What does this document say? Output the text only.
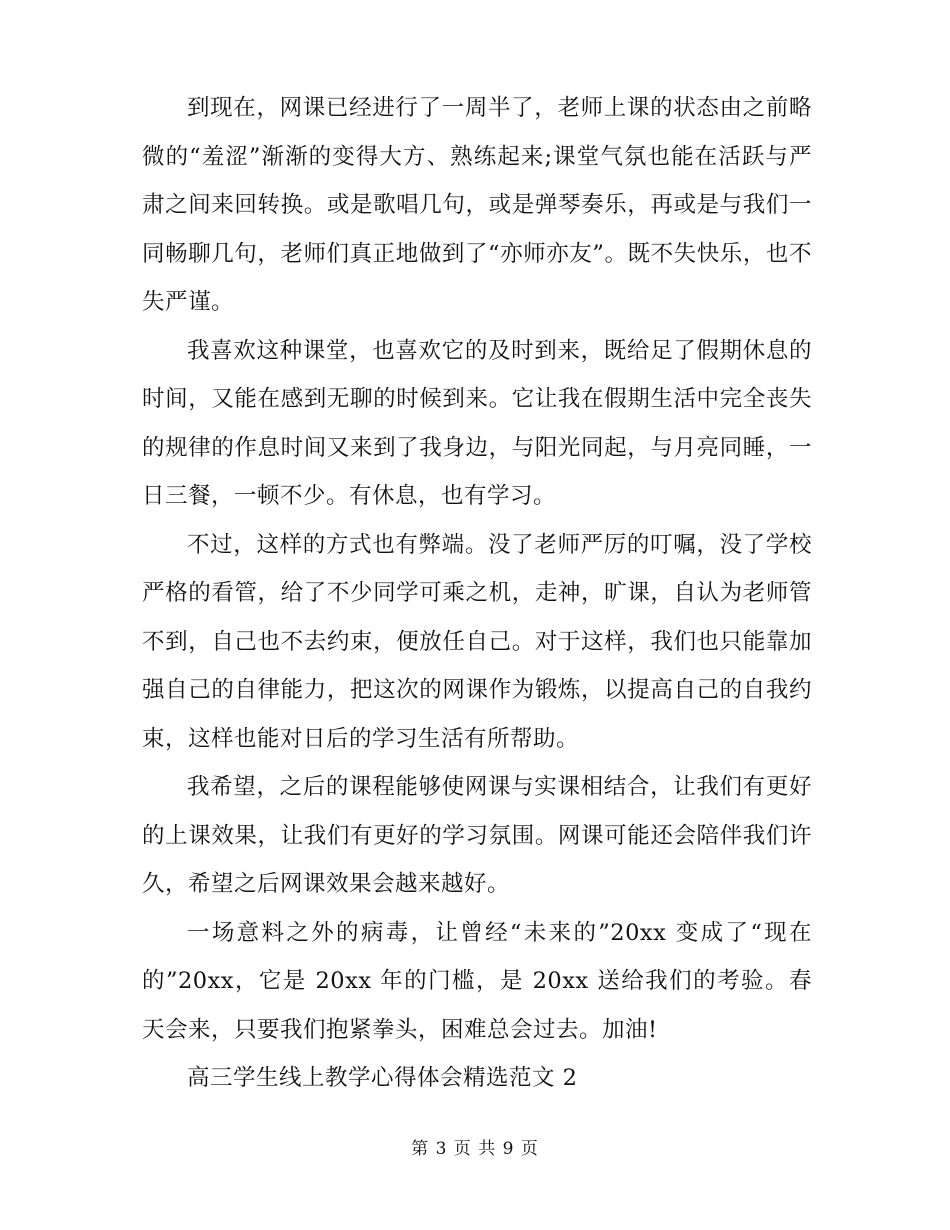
到现在，网课已经进行了一周半了，老师上课的状态由之前略微的“羞涩”渐渐的变得大方、熟练起来;课堂气氛也能在活跃与严肃之间来回转换。或是歌唱几句，或是弹琴奏乐，再或是与我们一同畅聊几句，老师们真正地做到了“亦师亦友”。既不失快乐，也不失严谨。

我喜欢这种课堂，也喜欢它的及时到来，既给足了假期休息的时间，又能在感到无聊的时候到来。它让我在假期生活中完全丧失的规律的作息时间又来到了我身边，与阳光同起，与月亮同睡，一日三餐，一顿不少。有休息，也有学习。

不过，这样的方式也有弊端。没了老师严厉的叮嘱，没了学校严格的看管，给了不少同学可乘之机，走神，旷课，自认为老师管不到，自己也不去约束，便放任自己。对于这样，我们也只能靠加强自己的自律能力，把这次的网课作为锻炼，以提高自己的自我约束，这样也能对日后的学习生活有所帮助。

我希望，之后的课程能够使网课与实课相结合，让我们有更好的上课效果，让我们有更好的学习氛围。网课可能还会陪伴我们许久，希望之后网课效果会越来越好。

一场意料之外的病毒，让曾经“未来的”20xx 变成了“现在的”20xx，它是 20xx 年的门槛，是 20xx 送给我们的考验。春天会来，只要我们抱紧拳头，困难总会过去。加油!

高三学生线上教学心得体会精选范文 2

第 3 页 共 9 页
